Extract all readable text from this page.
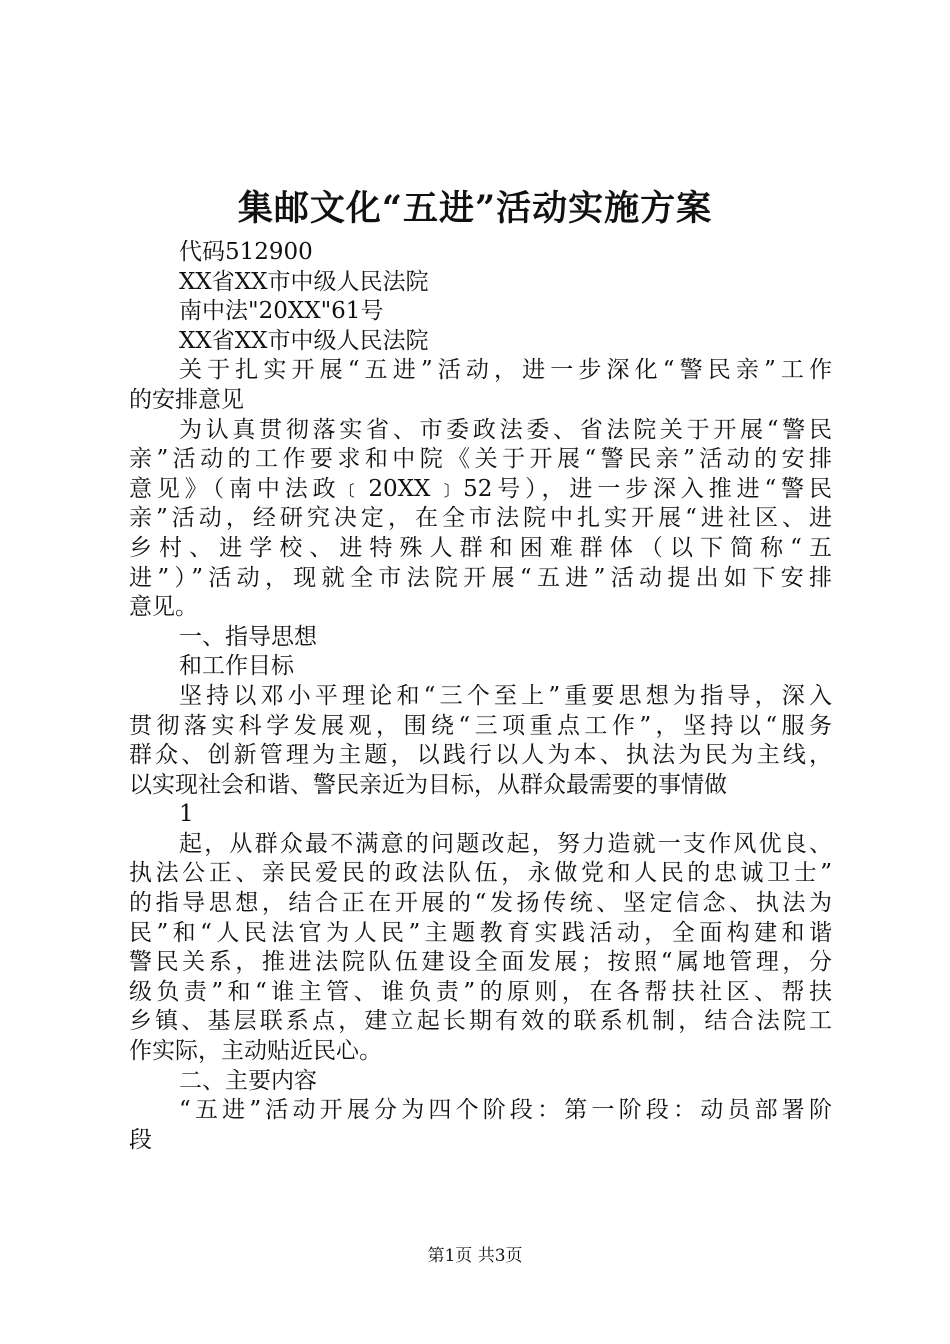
集邮文化“五进”活动实施方案
代码512900
XX省XX市中级人民法院
南中法"20XX"61号
XX省XX市中级人民法院
关于扎实开展“五进”活动，进一步深化“警民亲”工作
的安排意见
为认真贯彻落实省、市委政法委、省法院关于开展“警民
亲”活动的工作要求和中院《关于开展“警民亲”活动的安排
意见》（南中法政﹝20XX﹞52号），进一步深入推进“警民
亲”活动，经研究决定，在全市法院中扎实开展“进社区、进
乡村、进学校、进特殊人群和困难群体（以下简称“五
进”）”活动，现就全市法院开展“五进”活动提出如下安排
意见。
一、指导思想
和工作目标
坚持以邓小平理论和“三个至上”重要思想为指导，深入
贯彻落实科学发展观，围绕“三项重点工作”，坚持以“服务
群众、创新管理为主题，以践行以人为本、执法为民为主线，
以实现社会和谐、警民亲近为目标，从群众最需要的事情做
1
起，从群众最不满意的问题改起，努力造就一支作风优良、
执法公正、亲民爱民的政法队伍，永做党和人民的忠诚卫士”
的指导思想，结合正在开展的“发扬传统、坚定信念、执法为
民”和“人民法官为人民”主题教育实践活动，全面构建和谐
警民关系，推进法院队伍建设全面发展；按照“属地管理，分
级负责”和“谁主管、谁负责”的原则，在各帮扶社区、帮扶
乡镇、基层联系点，建立起长期有效的联系机制，结合法院工
作实际，主动贴近民心。
二、主要内容
“五进”活动开展分为四个阶段：第一阶段：动员部署阶
段
第1页 共3页
